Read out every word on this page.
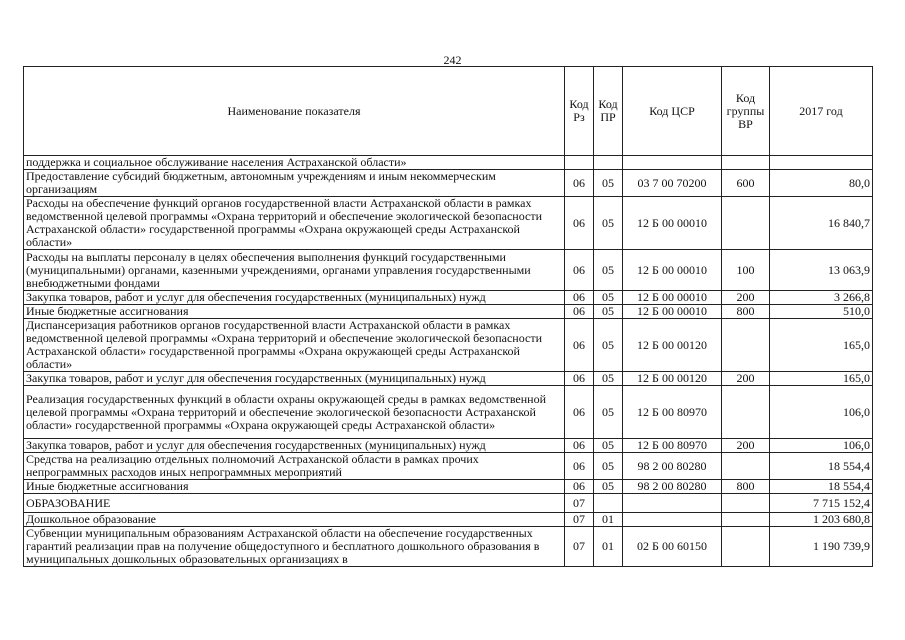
242
Наименование показателя	Код Рз	Код ПР	Код ЦСР	Код группы ВР	2017 год
поддержка и социальное обслуживание населения Астраханской области»					
Предоставление субсидий бюджетным, автономным учреждениям и иным некоммерческим организациям	06	05	03 7 00 70200	600	80,0
Расходы на обеспечение функций органов государственной власти Астраханской области в рамках ведомственной целевой программы «Охрана территорий и обеспечение экологической безопасности Астраханской области» государственной программы «Охрана окружающей среды Астраханской области»	06	05	12 Б 00 00010		16 840,7
Расходы на выплаты персоналу в целях обеспечения выполнения функций государственными (муниципальными) органами, казенными учреждениями, органами управления государственными внебюджетными фондами	06	05	12 Б 00 00010	100	13 063,9
Закупка товаров, работ и услуг для обеспечения государственных (муниципальных) нужд	06	05	12 Б 00 00010	200	3 266,8
Иные бюджетные ассигнования	06	05	12 Б 00 00010	800	510,0
Диспансеризация работников органов государственной власти Астраханской области в рамках ведомственной целевой программы «Охрана территорий и обеспечение экологической безопасности Астраханской области» государственной программы «Охрана окружающей среды Астраханской области»	06	05	12 Б 00 00120		165,0
Закупка товаров, работ и услуг для обеспечения государственных (муниципальных) нужд	06	05	12 Б 00 00120	200	165,0
Реализация государственных функций в области охраны окружающей среды в рамках ведомственной целевой программы «Охрана территорий и обеспечение экологической безопасности Астраханской области» государственной программы «Охрана окружающей среды Астраханской области»	06	05	12 Б 00 80970		106,0
Закупка товаров, работ и услуг для обеспечения государственных (муниципальных) нужд	06	05	12 Б 00 80970	200	106,0
Средства на реализацию отдельных полномочий Астраханской области в рамках прочих непрограммных расходов иных непрограммных мероприятий	06	05	98 2 00 80280		18 554,4
Иные бюджетные ассигнования	06	05	98 2 00 80280	800	18 554,4
ОБРАЗОВАНИЕ	07				7 715 152,4
Дошкольное образование	07	01			1 203 680,8
Субвенции муниципальным образованиям Астраханской области на обеспечение государственных гарантий реализации прав на получение общедоступного и бесплатного дошкольного образования в муниципальных дошкольных образовательных организациях в	07	01	02 Б 00 60150		1 190 739,9
